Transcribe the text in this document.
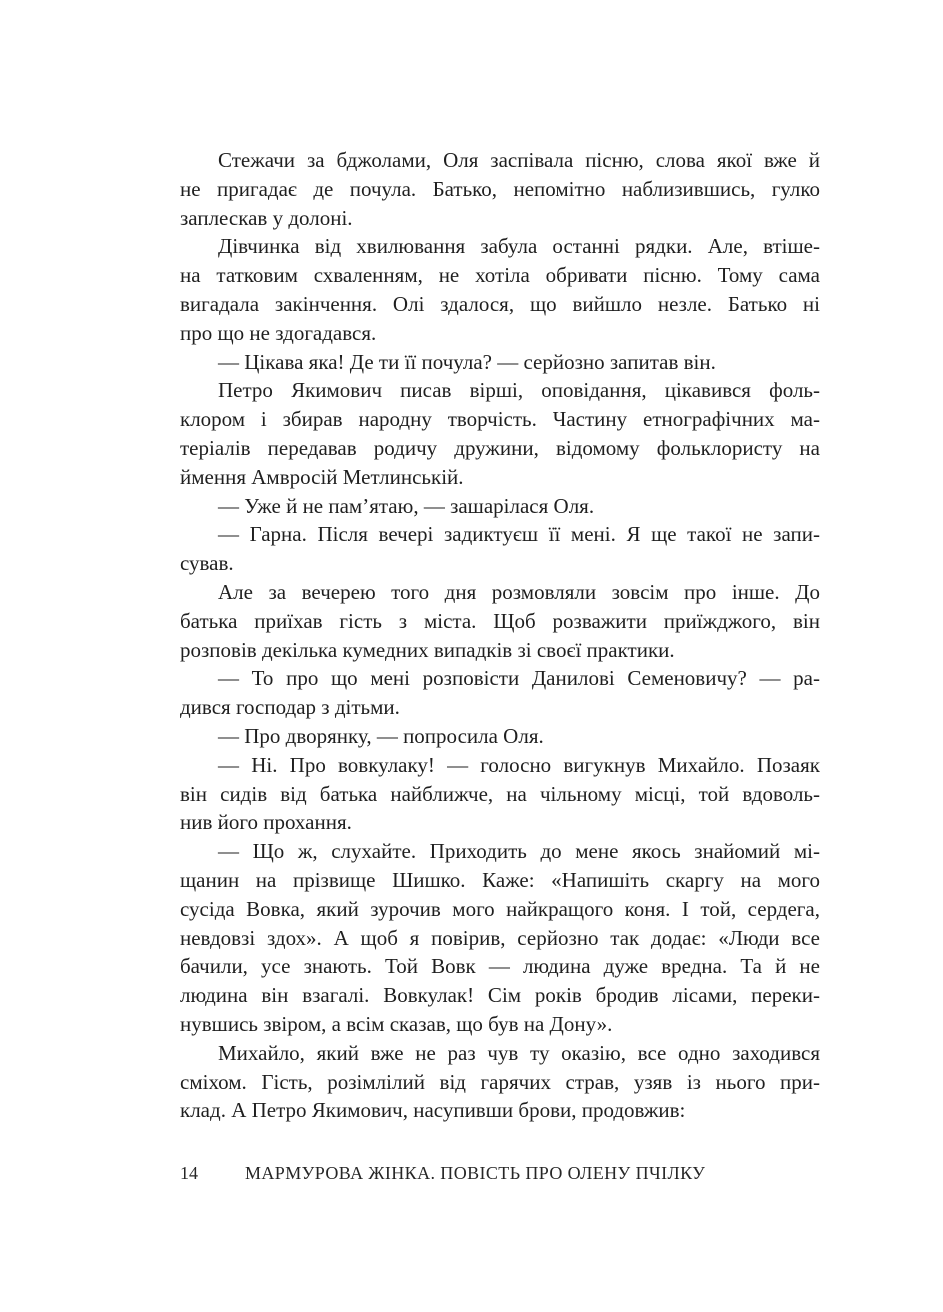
Стежачи за бджолами, Оля заспівала пісню, слова якої вже й
не пригадає де почула. Батько, непомітно наблизившись, гулко
заплескав у долоні.

Дівчинка від хвилювання забула останні рядки. Але, втіше-
на татковим схваленням, не хотіла обривати пісню. Тому сама
вигадала закінчення. Олі здалося, що вийшло незле. Батько ні
про що не здогадався.

— Цікава яка! Де ти її почула? — серйозно запитав він.

Петро Якимович писав вірші, оповідання, цікавився фоль-
клором і збирав народну творчість. Частину етнографічних ма-
теріалів передавав родичу дружини, відомому фольклористу на
ймення Амвросій Метлинській.

— Уже й не пам’ятаю, — зашарілася Оля.

— Гарна. Після вечері задиктуєш її мені. Я ще такої не запи-
сував.

Але за вечерею того дня розмовляли зовсім про інше. До
батька приїхав гість з міста. Щоб розважити приїжджого, він
розповів декілька кумедних випадків зі своєї практики.

— То про що мені розповісти Данилові Семеновичу? — ра-
дився господар з дітьми.

— Про дворянку, — попросила Оля.

— Ні. Про вовкулаку! — голосно вигукнув Михайло. Позаяк
він сидів від батька найближче, на чільному місці, той вдоволь-
нив його прохання.

— Що ж, слухайте. Приходить до мене якось знайомий мі-
щанин на прізвище Шишко. Каже: «Напишіть скаргу на мого
сусіда Вовка, який зурочив мого найкращого коня. І той, сердега,
невдовзі здох». А щоб я повірив, серйозно так додає: «Люди все
бачили, усе знають. Той Вовк — людина дуже вредна. Та й не
людина він взагалі. Вовкулак! Сім років бродив лісами, переки-
нувшись звіром, а всім сказав, що був на Дону».

Михайло, який вже не раз чув ту оказію, все одно заходився
сміхом. Гість, розімлілий від гарячих страв, узяв із нього при-
клад. А Петро Якимович, насупивши брови, продовжив:

14	МАРМУРОВА ЖІНКА. ПОВІСТЬ ПРО ОЛЕНУ ПЧІЛКУ
